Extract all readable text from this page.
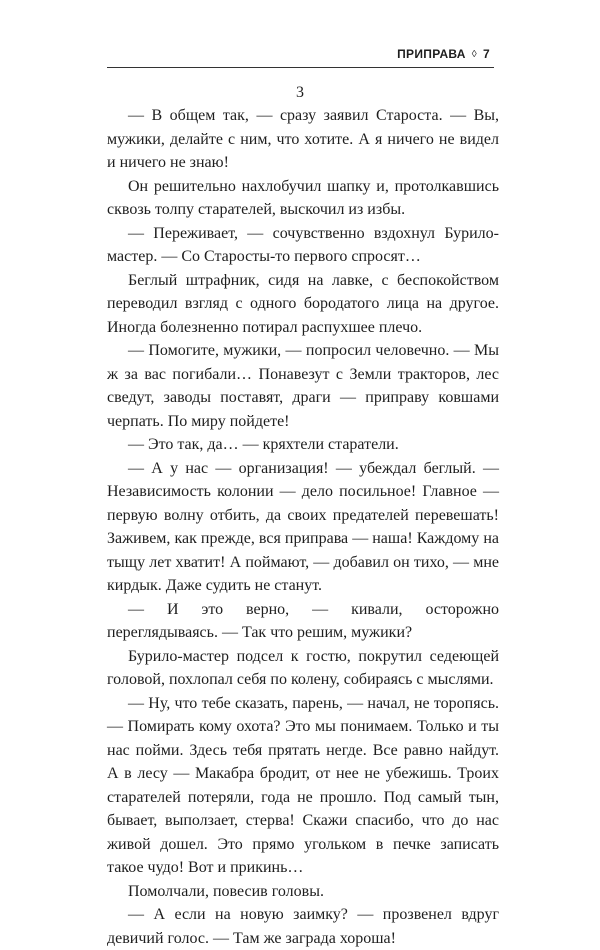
ПРИПРАВА ◊ 7
3

— В общем так, — сразу заявил Староста. — Вы, мужики, делайте с ним, что хотите. А я ничего не видел и ничего не знаю!

Он решительно нахлобучил шапку и, протолкавшись сквозь толпу старателей, выскочил из избы.

— Переживает, — сочувственно вздохнул Бурило-мастер. — Со Старосты-то первого спросят…

Беглый штрафник, сидя на лавке, с беспокойством переводил взгляд с одного бородатого лица на другое. Иногда болезненно потирал распухшее плечо.

— Помогите, мужики, — попросил человечно. — Мы ж за вас погибали… Понавезут с Земли тракторов, лес сведут, заводы поставят, драги — приправу ковшами черпать. По миру пойдете!

— Это так, да… — кряхтели старатели.

— А у нас — организация! — убеждал беглый. — Независимость колонии — дело посильное! Главное — первую волну отбить, да своих предателей перевешать! Заживем, как прежде, вся приправа — наша! Каждому на тыщу лет хватит! А поймают, — добавил он тихо, — мне кирдык. Даже судить не станут.

— И это верно, — кивали, осторожно переглядываясь. — Так что решим, мужики?

Бурило-мастер подсел к гостю, покрутил седеющей головой, похлопал себя по колену, собираясь с мыслями.

— Ну, что тебе сказать, парень, — начал, не торопясь. — Помирать кому охота? Это мы понимаем. Только и ты нас пойми. Здесь тебя прятать негде. Все равно найдут. А в лесу — Макабра бродит, от нее не убежишь. Троих старателей потеряли, года не прошло. Под самый тын, бывает, выползает, стерва! Скажи спасибо, что до нас живой дошел. Это прямо угольком в печке записать такое чудо! Вот и прикинь…

Помолчали, повесив головы.

— А если на новую заимку? — прозвенел вдруг девичий голос. — Там же заграда хороша!
